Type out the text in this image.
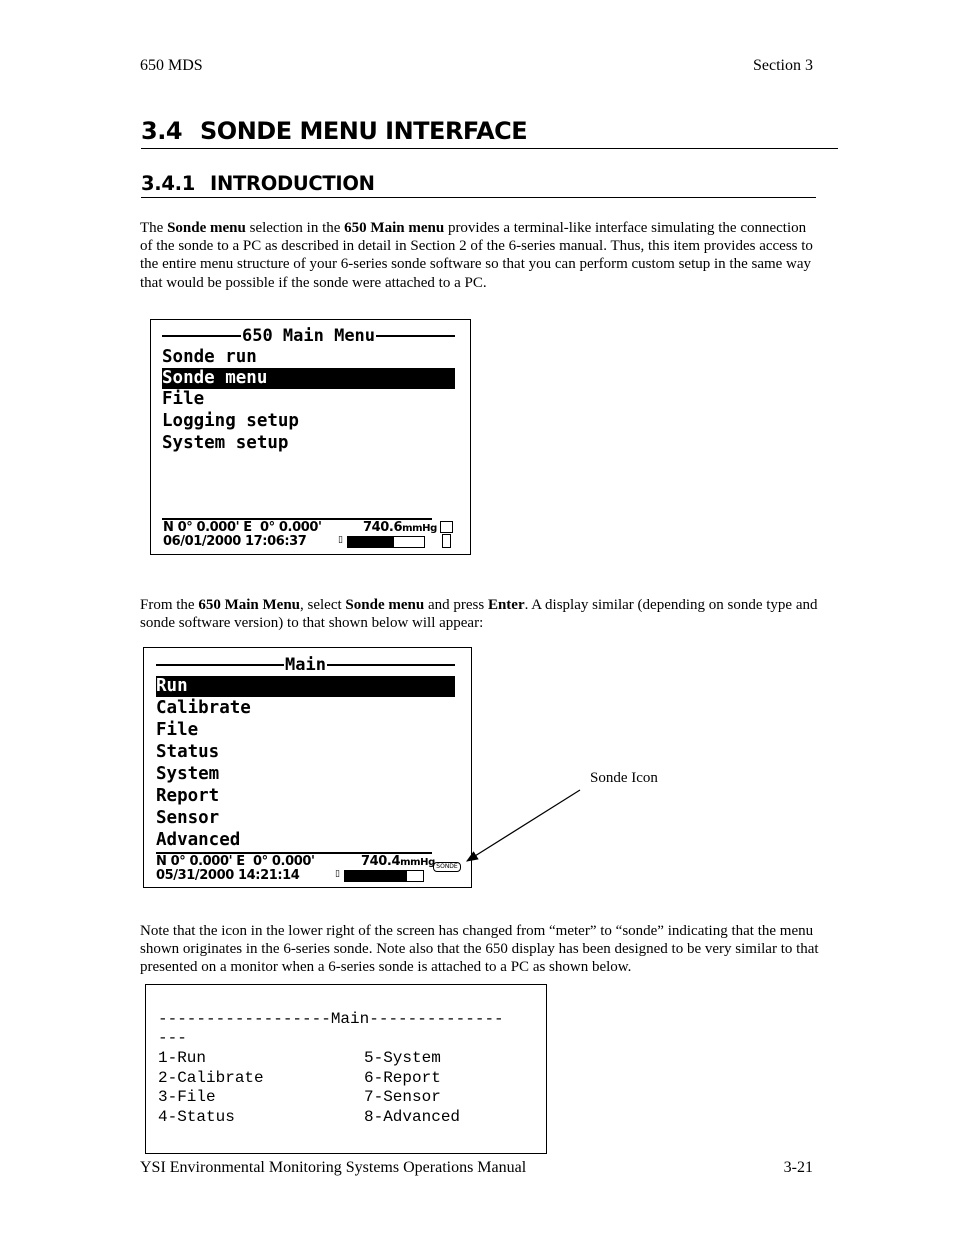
650 MDS	Section 3
3.4 SONDE MENU INTERFACE
3.4.1 INTRODUCTION
The Sonde menu selection in the 650 Main menu provides a terminal-like interface simulating the connection of the sonde to a PC as described in detail in Section 2 of the 6-series manual. Thus, this item provides access to the entire menu structure of your 6-series sonde software so that you can perform custom setup in the same way that would be possible if the sonde were attached to a PC.
650 Main Menu
Sonde run
Sonde menu
File
Logging setup
System setup
N 0° 0.000' E  0° 0.000'	740.6mmHg
06/01/2000 17:06:37	▯
From the 650 Main Menu, select Sonde menu and press Enter. A display similar (depending on sonde type and sonde software version) to that shown below will appear:
Main
Run
Calibrate
File
Status
System
Report
Sensor
Advanced
N 0° 0.000' E  0° 0.000'	740.4mmHg
05/31/2000 14:21:14	▯
SONDE
Sonde Icon
Note that the icon in the lower right of the screen has changed from “meter” to “sonde” indicating that the menu shown originates in the 6-series sonde. Note also that the 650 display has been designed to be very similar to that presented on a monitor when a 6-series sonde is attached to a PC as shown below.
------------------Main--------------
---
1-Run	5-System
2-Calibrate	6-Report
3-File	7-Sensor
4-Status	8-Advanced
YSI Environmental Monitoring Systems Operations Manual	3-21
